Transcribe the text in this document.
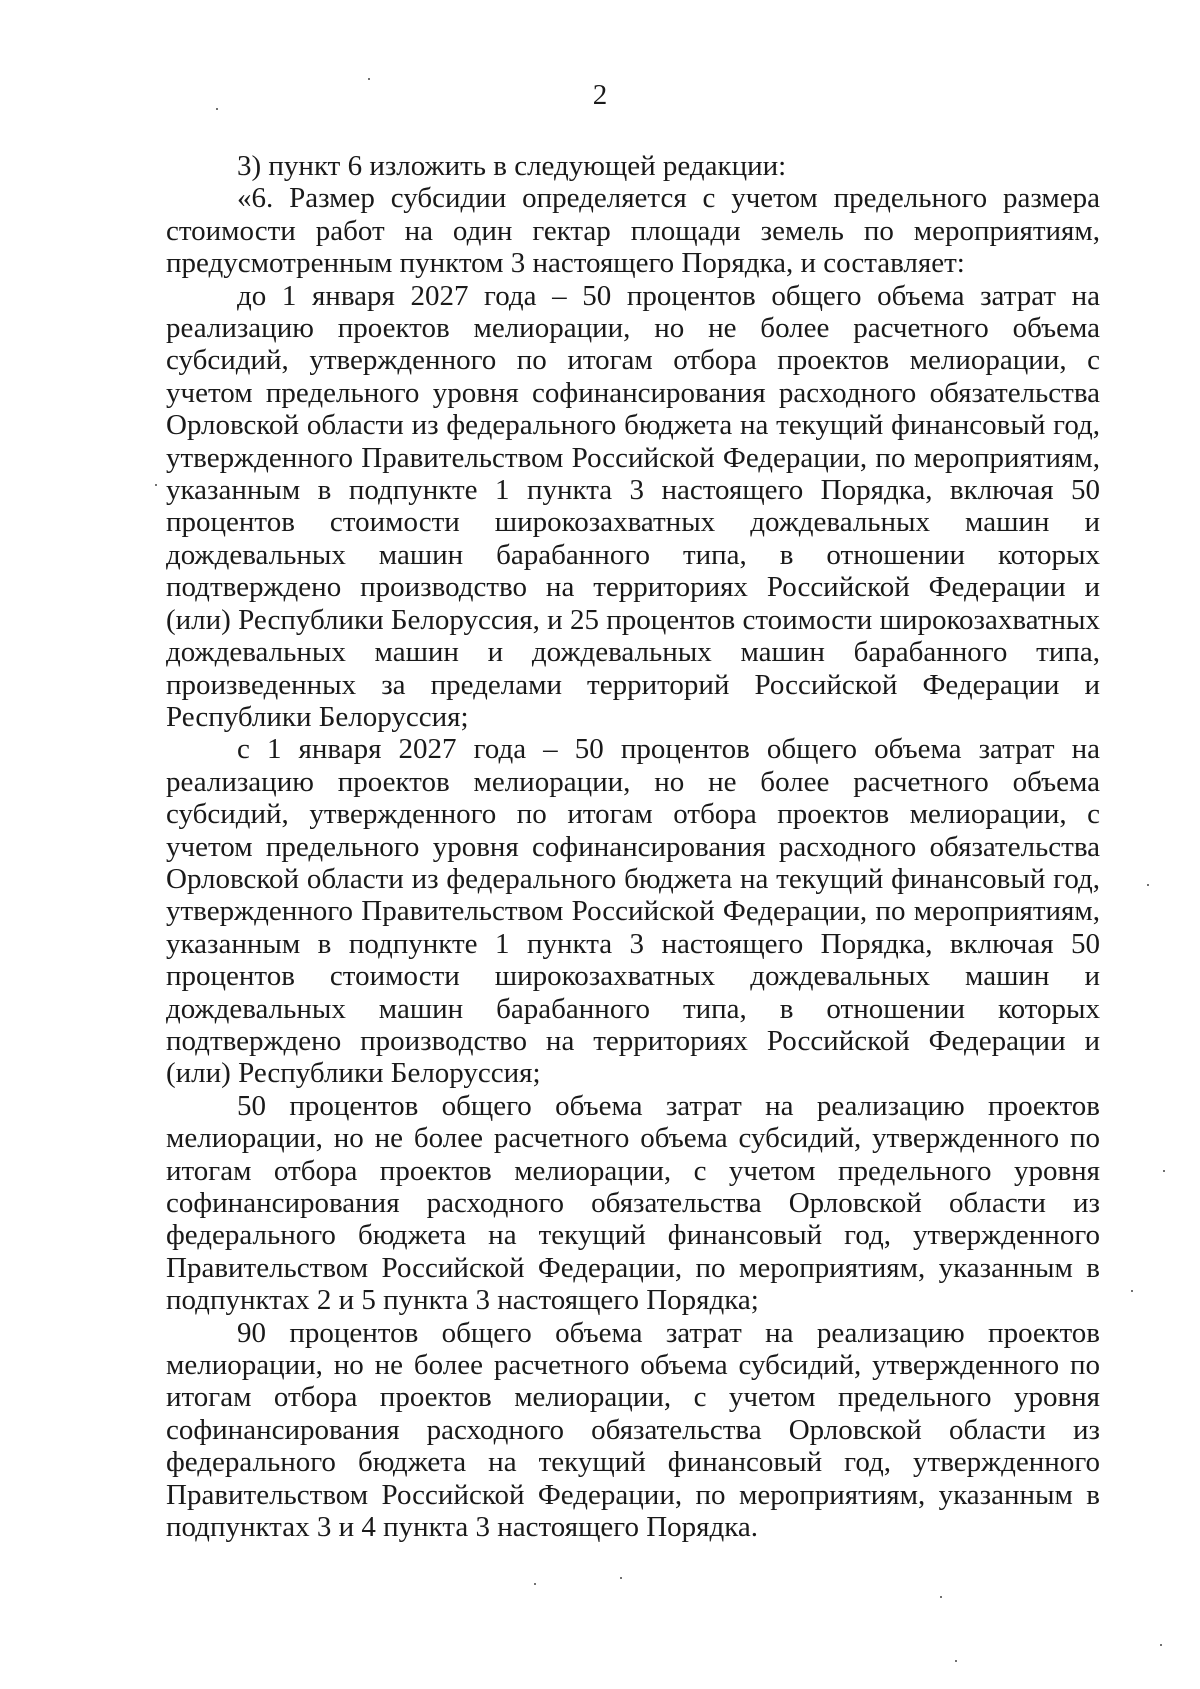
2

3) пункт 6 изложить в следующей редакции:

«6. Размер субсидии определяется с учетом предельного размера стоимости работ на один гектар площади земель по мероприятиям, предусмотренным пунктом 3 настоящего Порядка, и составляет:

до 1 января 2027 года – 50 процентов общего объема затрат на реализацию проектов мелиорации, но не более расчетного объема субсидий, утвержденного по итогам отбора проектов мелиорации, с учетом предельного уровня софинансирования расходного обязательства Орловской области из федерального бюджета на текущий финансовый год, утвержденного Правительством Российской Федерации, по мероприятиям, указанным в подпункте 1 пункта 3 настоящего Порядка, включая 50 процентов стоимости широкозахватных дождевальных машин и дождевальных машин барабанного типа, в отношении которых подтверждено производство на территориях Российской Федерации и (или) Республики Белоруссия, и 25 процентов стоимости широкозахватных дождевальных машин и дождевальных машин барабанного типа, произведенных за пределами территорий Российской Федерации и Республики Белоруссия;

с 1 января 2027 года – 50 процентов общего объема затрат на реализацию проектов мелиорации, но не более расчетного объема субсидий, утвержденного по итогам отбора проектов мелиорации, с учетом предельного уровня софинансирования расходного обязательства Орловской области из федерального бюджета на текущий финансовый год, утвержденного Правительством Российской Федерации, по мероприятиям, указанным в подпункте 1 пункта 3 настоящего Порядка, включая 50 процентов стоимости широкозахватных дождевальных машин и дождевальных машин барабанного типа, в отношении которых подтверждено производство на территориях Российской Федерации и (или) Республики Белоруссия;

50 процентов общего объема затрат на реализацию проектов мелиорации, но не более расчетного объема субсидий, утвержденного по итогам отбора проектов мелиорации, с учетом предельного уровня софинансирования расходного обязательства Орловской области из федерального бюджета на текущий финансовый год, утвержденного Правительством Российской Федерации, по мероприятиям, указанным в подпунктах 2 и 5 пункта 3 настоящего Порядка;

90 процентов общего объема затрат на реализацию проектов мелиорации, но не более расчетного объема субсидий, утвержденного по итогам отбора проектов мелиорации, с учетом предельного уровня софинансирования расходного обязательства Орловской области из федерального бюджета на текущий финансовый год, утвержденного Правительством Российской Федерации, по мероприятиям, указанным в подпунктах 3 и 4 пункта 3 настоящего Порядка.
